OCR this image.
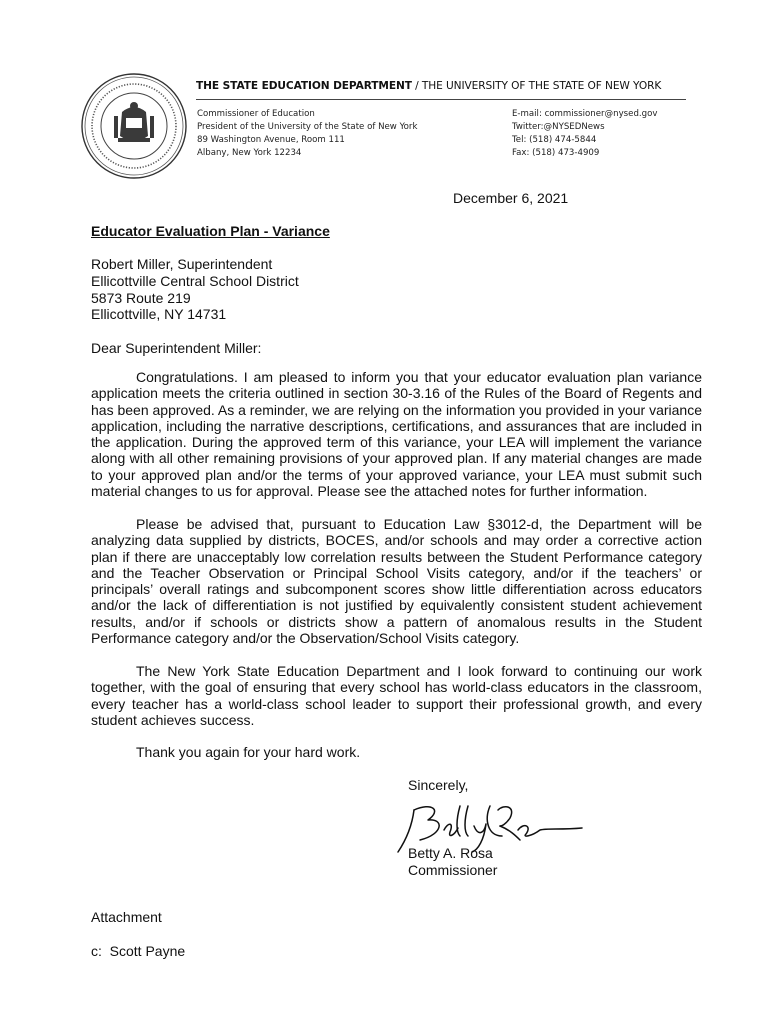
THE STATE EDUCATION DEPARTMENT / THE UNIVERSITY OF THE STATE OF NEW YORK
Commissioner of Education
President of the University of the State of New York
89 Washington Avenue, Room 111
Albany, New York 12234
E-mail: commissioner@nysed.gov
Twitter:@NYSEDNews
Tel: (518) 474-5844
Fax: (518) 473-4909
December 6, 2021
Educator Evaluation Plan - Variance
Robert Miller, Superintendent
Ellicottville Central School District
5873 Route 219
Ellicottville, NY 14731
Dear Superintendent Miller:

Congratulations. I am pleased to inform you that your educator evaluation plan variance application meets the criteria outlined in section 30-3.16 of the Rules of the Board of Regents and has been approved. As a reminder, we are relying on the information you provided in your variance application, including the narrative descriptions, certifications, and assurances that are included in the application. During the approved term of this variance, your LEA will implement the variance along with all other remaining provisions of your approved plan. If any material changes are made to your approved plan and/or the terms of your approved variance, your LEA must submit such material changes to us for approval. Please see the attached notes for further information.

Please be advised that, pursuant to Education Law §3012-d, the Department will be analyzing data supplied by districts, BOCES, and/or schools and may order a corrective action plan if there are unacceptably low correlation results between the Student Performance category and the Teacher Observation or Principal School Visits category, and/or if the teachers’ or principals’ overall ratings and subcomponent scores show little differentiation across educators and/or the lack of differentiation is not justified by equivalently consistent student achievement results, and/or if schools or districts show a pattern of anomalous results in the Student Performance category and/or the Observation/School Visits category.

The New York State Education Department and I look forward to continuing our work together, with the goal of ensuring that every school has world-class educators in the classroom, every teacher has a world-class school leader to support their professional growth, and every student achieves success.

Thank you again for your hard work.

Sincerely,
Betty A. Rosa
Commissioner
Attachment
c:  Scott Payne
